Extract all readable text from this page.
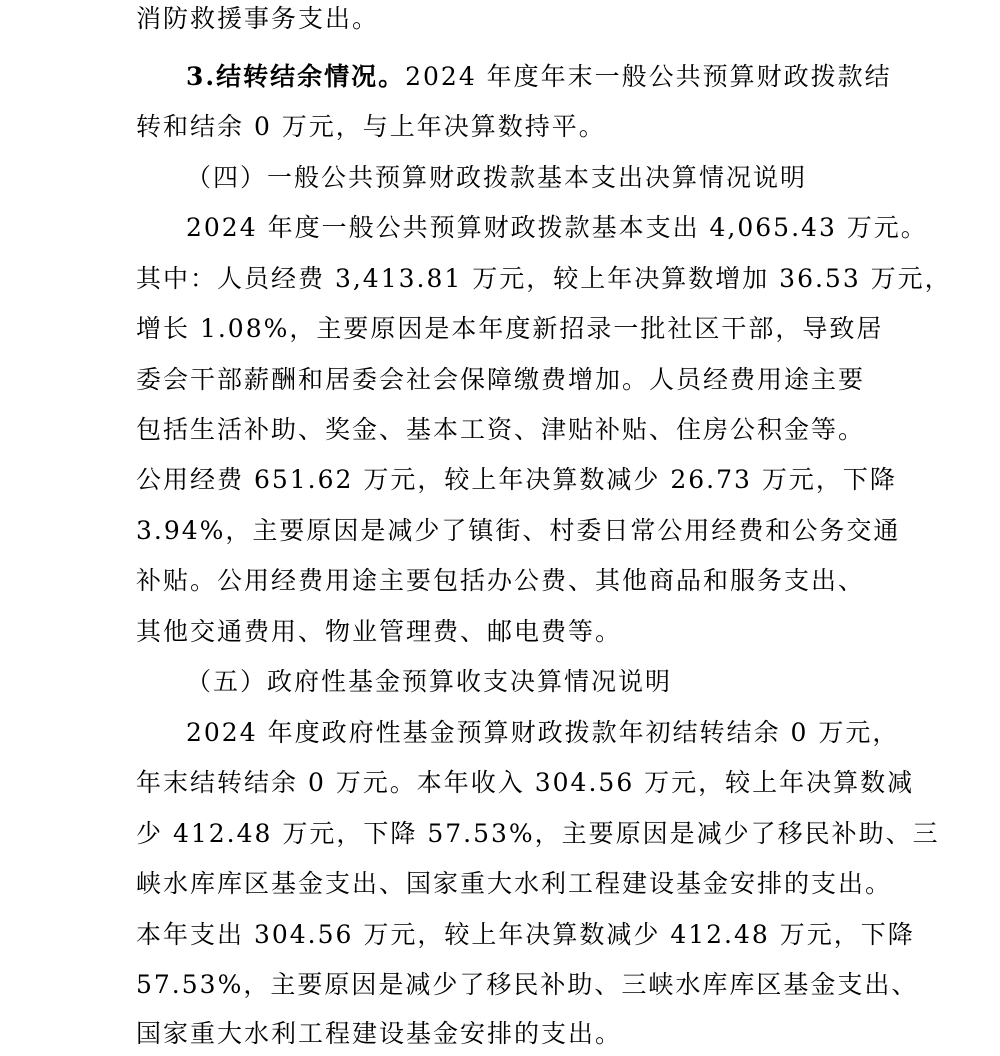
消防救援事务支出。
3.结转结余情况。2024 年度年末一般公共预算财政拨款结
转和结余 0 万元，与上年决算数持平。
（四）一般公共预算财政拨款基本支出决算情况说明
2024 年度一般公共预算财政拨款基本支出 4,065.43 万元。
其中：人员经费 3,413.81 万元，较上年决算数增加 36.53 万元，
增长 1.08%，主要原因是本年度新招录一批社区干部，导致居
委会干部薪酬和居委会社会保障缴费增加。人员经费用途主要
包括生活补助、奖金、基本工资、津贴补贴、住房公积金等。
公用经费 651.62 万元，较上年决算数减少 26.73 万元，下降
3.94%，主要原因是减少了镇街、村委日常公用经费和公务交通
补贴。公用经费用途主要包括办公费、其他商品和服务支出、
其他交通费用、物业管理费、邮电费等。
（五）政府性基金预算收支决算情况说明
2024 年度政府性基金预算财政拨款年初结转结余 0 万元，
年末结转结余 0 万元。本年收入 304.56 万元，较上年决算数减
少 412.48 万元，下降 57.53%，主要原因是减少了移民补助、三
峡水库库区基金支出、国家重大水利工程建设基金安排的支出。
本年支出 304.56 万元，较上年决算数减少 412.48 万元，下降
57.53%，主要原因是减少了移民补助、三峡水库库区基金支出、
国家重大水利工程建设基金安排的支出。
